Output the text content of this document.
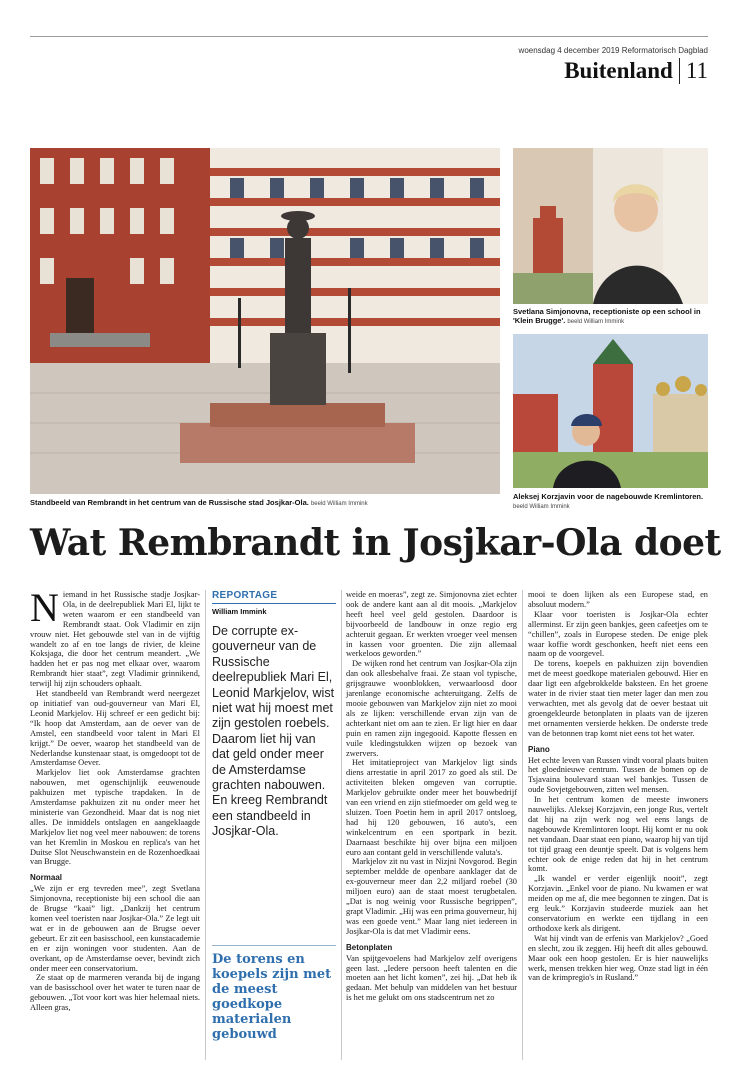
woensdag 4 december 2019 Reformatorisch Dagblad
Buitenland 11
Standbeeld van Rembrandt in het centrum van de Russische stad Josjkar-Ola. beeld William Immink
Svetlana Simjonovna, receptioniste op een school in 'Klein Brugge'. beeld William Immink
Aleksej Korzjavin voor de nagebouwde Kremlintoren. beeld William Immink
Wat Rembrandt in Josjkar-Ola doet

Niemand in het Russische stadje Josjkar-Ola, in de deelrepubliek Mari El, lijkt te weten waarom er een standbeeld van Rembrandt staat. Ook Vladimir en zijn vrouw niet. Het gebouwde stel van in de vijftig wandelt zo af en toe langs de rivier, de kleine Koksjaga, die door het centrum meandert. „We hadden het er pas nog met elkaar over, waarom Rembrandt hier staat”, zegt Vladimir grinnikend, terwijl hij zijn schouders ophaalt.

Het standbeeld van Rembrandt werd neergezet op initiatief van oud-gouverneur van Mari El, Leonid Markjelov. Hij schreef er een gedicht bij: “Ik hoop dat Amsterdam, aan de oever van de Amstel, een standbeeld voor talent in Mari El krijgt.” De oever, waarop het standbeeld van de Nederlandse kunstenaar staat, is omgedoopt tot de Amsterdamse Oever.

Markjelov liet ook Amsterdamse grachten nabouwen, met ogenschijnlijk eeuwenoude pakhuizen met typische trapdaken. In de Amsterdamse pakhuizen zit nu onder meer het ministerie van Gezondheid. Maar dat is nog niet alles. De inmiddels ontslagen en aangeklaagde Markjelov liet nog veel meer nabouwen: de torens van het Kremlin in Moskou en replica's van het Duitse Slot Neuschwanstein en de Rozenhoedkaai van Brugge.

Normaal

„We zijn er erg tevreden mee”, zegt Svetlana Simjonovna, receptioniste bij een school die aan de Brugse “kaai” ligt. „Dankzij het centrum komen veel toeristen naar Josjkar-Ola.” Ze legt uit wat er in de gebouwen aan de Brugse oever gebeurt. Er zit een basisschool, een kunstacademie en er zijn woningen voor studenten. Aan de overkant, op de Amsterdamse oever, bevindt zich onder meer een conservatorium.

Ze staat op de marmeren veranda bij de ingang van de basisschool over het water te turen naar de gebouwen. „Tot voor kort was hier helemaal niets. Alleen gras,

REPORTAGE
William Immink
De corrupte ex-gouverneur van de Russische deelrepubliek Mari El, Leonid Markjelov, wist niet wat hij moest met zijn gestolen roebels. Daarom liet hij van dat geld onder meer de Amsterdamse grachten nabouwen. En kreeg Rembrandt een standbeeld in Josjkar-Ola.
De torens en koepels zijn met de meest goedkope materialen gebouwd

weide en moeras”, zegt ze. Simjonovna ziet echter ook de andere kant aan al dit moois. „Markjelov heeft heel veel geld gestolen. Daardoor is bijvoorbeeld de landbouw in onze regio erg achteruit gegaan. Er werkten vroeger veel mensen in kassen voor groenten. Die zijn allemaal werkeloos geworden.”

De wijken rond het centrum van Josjkar-Ola zijn dan ook allesbehalve fraai. Ze staan vol typische, grijsgrauwe woonblokken, verwaarloosd door jarenlange economische achteruitgang. Zelfs de mooie gebouwen van Markjelov zijn niet zo mooi als ze lijken: verschillende ervan zijn van de achterkant niet om aan te zien. Er ligt hier en daar puin en ramen zijn ingegooid. Kapotte flessen en vuile kledingstukken wijzen op bezoek van zwervers.

Het imitatieproject van Markjelov ligt sinds diens arrestatie in april 2017 zo goed als stil. De activiteiten bleken omgeven van corruptie. Markjelov gebruikte onder meer het bouwbedrijf van een vriend en zijn stiefmoeder om geld weg te sluizen. Toen Poetin hem in april 2017 ontsloeg, had hij 120 gebouwen, 16 auto's, een winkelcentrum en een sportpark in bezit. Daarnaast beschikte hij over bijna een miljoen euro aan contant geld in verschillende valuta's.

Markjelov zit nu vast in Nizjni Novgorod. Begin september meldde de openbare aanklager dat de ex-gouverneur meer dan 2,2 miljard roebel (30 miljoen euro) aan de staat moest terugbetalen. „Dat is nog weinig voor Russische begrippen”, grapt Vladimir. „Hij was een prima gouverneur, hij was een goede vent.” Maar lang niet iedereen in Josjkar-Ola is dat met Vladimir eens.

Betonplaten

Van spijtgevoelens had Markjelov zelf overigens geen last. „Iedere persoon heeft talenten en die moeten aan het licht komen”, zei hij. „Dat heb ik gedaan. Met behulp van middelen van het bestuur is het me gelukt om ons stadscentrum net zo

mooi te doen lijken als een Europese stad, en absoluut modern.”

Klaar voor toeristen is Josjkar-Ola echter allerminst. Er zijn geen bankjes, geen cafeetjes om te “chillen”, zoals in Europese steden. De enige plek waar koffie wordt geschonken, heeft niet eens een naam op de voorgevel.

De torens, koepels en pakhuizen zijn bovendien met de meest goedkope materialen gebouwd. Hier en daar ligt een afgebrokkelde baksteen. En het groene water in de rivier staat tien meter lager dan men zou verwachten, met als gevolg dat de oever bestaat uit groengekleurde betonplaten in plaats van de ijzeren met ornamenten versierde hekken. De onderste trede van de betonnen trap komt niet eens tot het water.

Piano

Het echte leven van Russen vindt vooral plaats buiten het gloednieuwe centrum. Tussen de bomen op de Tsjavaina boulevard staan wel bankjes. Tussen de oude Sovjetgebouwen, zitten wel mensen.

In het centrum komen de meeste inwoners nauwelijks. Aleksej Korzjavin, een jonge Rus, vertelt dat hij na zijn werk nog wel eens langs de nagebouwde Kremlintoren loopt. Hij komt er nu ook net vandaan. Daar staat een piano, waarop hij van tijd tot tijd graag een deuntje speelt. Dat is volgens hem echter ook de enige reden dat hij in het centrum komt.

„Ik wandel er verder eigenlijk nooit”, zegt Korzjavin. „Enkel voor de piano. Nu kwamen er wat meiden op me af, die mee begonnen te zingen. Dat is erg leuk.” Korzjavin studeerde muziek aan het conservatorium en werkte een tijdlang in een orthodoxe kerk als dirigent.

Wat hij vindt van de erfenis van Markjelov? „Goed en slecht, zou ik zeggen. Hij heeft dit alles gebouwd. Maar ook een hoop gestolen. Er is hier nauwelijks werk, mensen trekken hier weg. Onze stad ligt in één van de krimpregio's in Rusland.”
